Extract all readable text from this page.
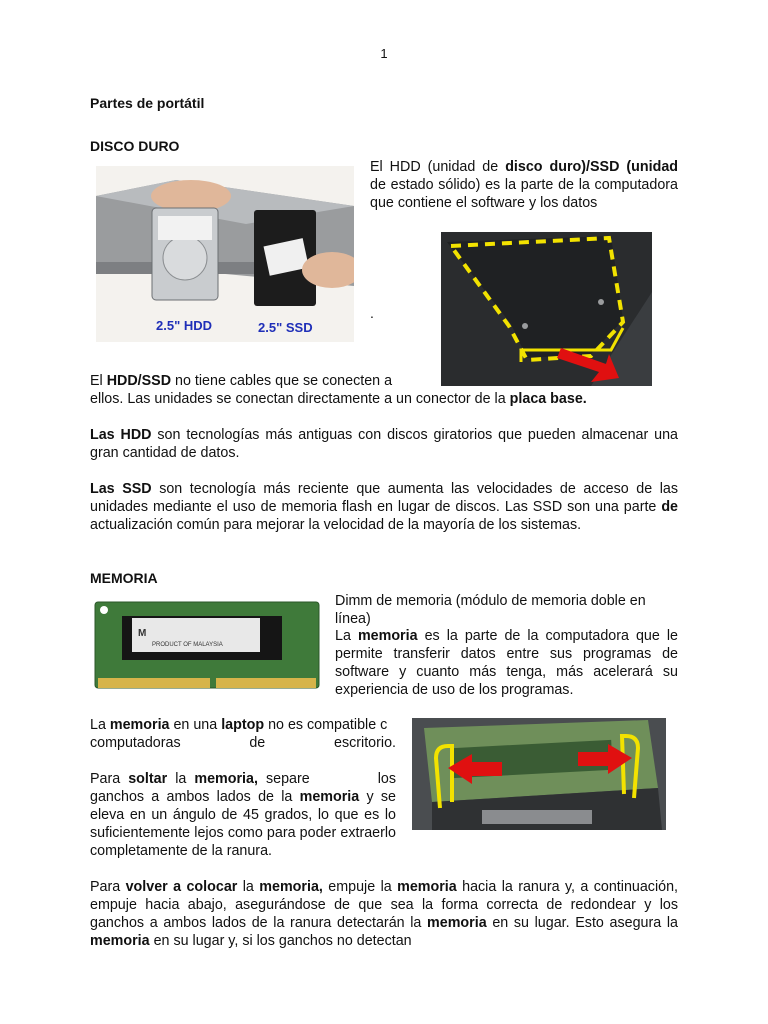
1
Partes de portátil
DISCO DURO
2.5" HDD	2.5" SSD
El HDD (unidad de disco duro)/SSD (unidad de estado sólido) es la parte de la computadora que contiene el software y los datos
.
El HDD/SSD no tiene cables que se conecten a
ellos. Las unidades se conectan directamente a un conector de la placa base.
Las HDD son tecnologías más antiguas con discos giratorios que pueden almacenar una gran cantidad de datos.
Las SSD son tecnología más reciente que aumenta las velocidades de acceso de las unidades mediante el uso de memoria flash en lugar de discos. Las SSD son una parte de actualización común para mejorar la velocidad de la mayoría de los sistemas.
MEMORIA
M
PRODUCT OF MALAYSIA
Dimm de memoria (módulo de memoria doble en línea)
La memoria es la parte de la computadora que le permite transferir datos entre sus programas de software y cuanto más tenga, más acelerará su experiencia de uso de los programas.
La memoria en una laptop no es compatible c
computadoras de escritorio.
Para soltar la memoria, separe los ganchos a ambos lados de la memoria y se eleva en un ángulo de 45 grados, lo que es lo suficientemente lejos como para poder extraerlo completamente de la ranura.
Para volver a colocar la memoria, empuje la memoria hacia la ranura y, a continuación, empuje hacia abajo, asegurándose de que sea la forma correcta de redondear y los ganchos a ambos lados de la ranura detectarán la memoria en su lugar. Esto asegura la memoria en su lugar y, si los ganchos no detectan
